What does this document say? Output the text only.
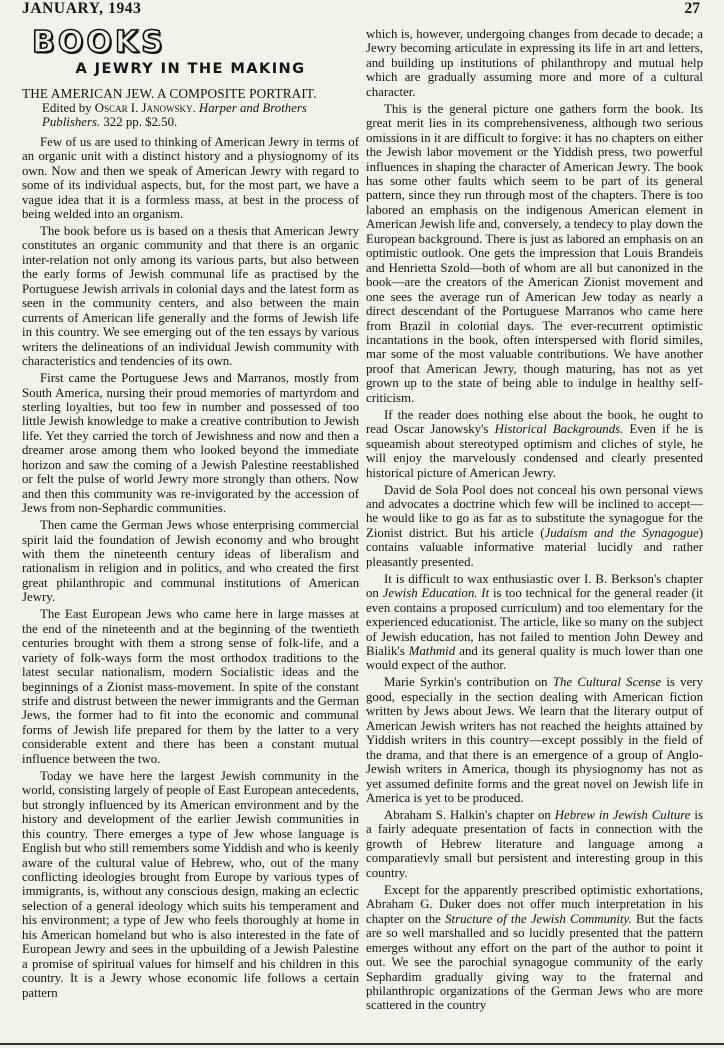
JANUARY, 1943	27
BOOKS
A JEWRY IN THE MAKING
THE AMERICAN JEW. A COMPOSITE PORTRAIT.
Edited by Oscar I. Janowsky. Harper and Brothers Publishers. 322 pp. $2.50.

Few of us are used to thinking of American Jewry in terms of an organic unit with a distinct history and a physiognomy of its own. Now and then we speak of American Jewry with regard to some of its individual aspects, but, for the most part, we have a vague idea that it is a formless mass, at best in the process of being welded into an organism.

The book before us is based on a thesis that American Jewry constitutes an organic community and that there is an organic inter-relation not only among its various parts, but also between the early forms of Jewish communal life as practised by the Portuguese Jewish arrivals in colonial days and the latest form as seen in the community centers, and also between the main currents of American life generally and the forms of Jewish life in this country. We see emerging out of the ten essays by various writers the delineations of an individual Jewish community with characteristics and tendencies of its own.

First came the Portuguese Jews and Marranos, mostly from South America, nursing their proud memories of martyrdom and sterling loyalties, but too few in number and possessed of too little Jewish knowledge to make a creative contribution to Jewish life. Yet they carried the torch of Jewishness and now and then a dreamer arose among them who looked beyond the immediate horizon and saw the coming of a Jewish Palestine reestablished or felt the pulse of world Jewry more strongly than others. Now and then this community was re-invigorated by the accession of Jews from non-Sephardic communities.

Then came the German Jews whose enterprising commercial spirit laid the foundation of Jewish economy and who brought with them the nineteenth century ideas of liberalism and rationalism in religion and in politics, and who created the first great philanthropic and communal institutions of American Jewry.

The East European Jews who came here in large masses at the end of the nineteenth and at the beginning of the twentieth centuries brought with them a strong sense of folk-life, and a variety of folk-ways form the most orthodox traditions to the latest secular nationalism, modern Socialistic ideas and the beginnings of a Zionist mass-movement. In spite of the constant strife and distrust between the newer immigrants and the German Jews, the former had to fit into the economic and communal forms of Jewish life prepared for them by the latter to a very considerable extent and there has been a constant mutual influence between the two.

Today we have here the largest Jewish community in the world, consisting largely of people of East European antecedents, but strongly influenced by its American environment and by the history and development of the earlier Jewish communities in this country. There emerges a type of Jew whose language is English but who still remembers some Yiddish and who is keenly aware of the cultural value of Hebrew, who, out of the many conflicting ideologies brought from Europe by various types of immigrants, is, without any conscious design, making an eclectic selection of a general ideology which suits his temperament and his environment; a type of Jew who feels thoroughly at home in his American homeland but who is also interested in the fate of European Jewry and sees in the upbuilding of a Jewish Palestine a promise of spiritual values for himself and his children in this country. It is a Jewry whose economic life follows a certain pattern

which is, however, undergoing changes from decade to decade; a Jewry becoming articulate in expressing its life in art and letters, and building up institutions of philanthropy and mutual help which are gradually assuming more and more of a cultural character.

This is the general picture one gathers form the book. Its great merit lies in its comprehensiveness, although two serious omissions in it are difficult to forgive: it has no chapters on either the Jewish labor movement or the Yiddish press, two powerful influences in shaping the character of American Jewry. The book has some other faults which seem to be part of its general pattern, since they run through most of the chapters. There is too labored an emphasis on the indigenous American element in American Jewish life and, conversely, a tendecy to play down the European background. There is just as labored an emphasis on an optimistic outlook. One gets the impression that Louis Brandeis and Henrietta Szold—both of whom are all but canonized in the book—are the creators of the American Zionist movement and one sees the average run of American Jew today as nearly a direct descendant of the Portuguese Marranos who came here from Brazil in colonial days. The ever-recurrent optimistic incantations in the book, often interspersed with florid similes, mar some of the most valuable contributions. We have another proof that American Jewry, though maturing, has not as yet grown up to the state of being able to indulge in healthy self-criticism.

If the reader does nothing else about the book, he ought to read Oscar Janowsky's Historical Backgrounds. Even if he is squeamish about stereotyped optimism and cliches of style, he will enjoy the marvelously condensed and clearly presented historical picture of American Jewry.

David de Sola Pool does not conceal his own personal views and advocates a doctrine which few will be inclined to accept—he would like to go as far as to substitute the synagogue for the Zionist district. But his article (Judaism and the Synagogue) contains valuable informative material lucidly and rather pleasantly presented.

It is difficult to wax enthusiastic over I. B. Berkson's chapter on Jewish Education. It is too technical for the general reader (it even contains a proposed curriculum) and too elementary for the experienced educationist. The article, like so many on the subject of Jewish education, has not failed to mention John Dewey and Bialik's Mathmid and its general quality is much lower than one would expect of the author.

Marie Syrkin's contribution on The Cultural Scense is very good, especially in the section dealing with American fiction written by Jews about Jews. We learn that the literary output of American Jewish writers has not reached the heights attained by Yiddish writers in this country—except possibly in the field of the drama, and that there is an emergence of a group of Anglo-Jewish writers in America, though its physiognomy has not as yet assumed definite forms and the great novel on Jewish life in America is yet to be produced.

Abraham S. Halkin's chapter on Hebrew in Jewish Culture is a fairly adequate presentation of facts in connection with the growth of Hebrew literature and language among a comparatievly small but persistent and interesting group in this country.

Except for the apparently prescribed optimistic exhortations, Abraham G. Duker does not offer much interpretation in his chapter on the Structure of the Jewish Community. But the facts are so well marshalled and so lucidly presented that the pattern emerges without any effort on the part of the author to point it out. We see the parochial synagogue community of the early Sephardim gradually giving way to the fraternal and philanthropic organizations of the German Jews who are more scattered in the country
